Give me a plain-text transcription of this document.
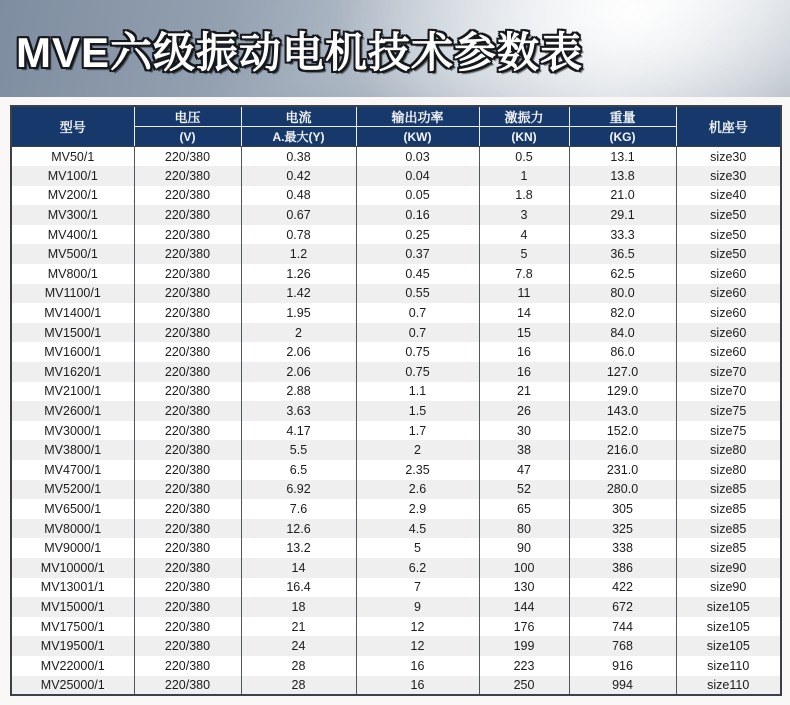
MVE六级振动电机技术参数表
型号	电压	电流	输出功率	激振力	重量	机座号
	(V)	A.最大(Y)	(KW)	(KN)	(KG)	
MV50/1	220/380	0.38	0.03	0.5	13.1	size30
MV100/1	220/380	0.42	0.04	1	13.8	size30
MV200/1	220/380	0.48	0.05	1.8	21.0	size40
MV300/1	220/380	0.67	0.16	3	29.1	size50
MV400/1	220/380	0.78	0.25	4	33.3	size50
MV500/1	220/380	1.2	0.37	5	36.5	size50
MV800/1	220/380	1.26	0.45	7.8	62.5	size60
MV1100/1	220/380	1.42	0.55	11	80.0	size60
MV1400/1	220/380	1.95	0.7	14	82.0	size60
MV1500/1	220/380	2	0.7	15	84.0	size60
MV1600/1	220/380	2.06	0.75	16	86.0	size60
MV1620/1	220/380	2.06	0.75	16	127.0	size70
MV2100/1	220/380	2.88	1.1	21	129.0	size70
MV2600/1	220/380	3.63	1.5	26	143.0	size75
MV3000/1	220/380	4.17	1.7	30	152.0	size75
MV3800/1	220/380	5.5	2	38	216.0	size80
MV4700/1	220/380	6.5	2.35	47	231.0	size80
MV5200/1	220/380	6.92	2.6	52	280.0	size85
MV6500/1	220/380	7.6	2.9	65	305	size85
MV8000/1	220/380	12.6	4.5	80	325	size85
MV9000/1	220/380	13.2	5	90	338	size85
MV10000/1	220/380	14	6.2	100	386	size90
MV13001/1	220/380	16.4	7	130	422	size90
MV15000/1	220/380	18	9	144	672	size105
MV17500/1	220/380	21	12	176	744	size105
MV19500/1	220/380	24	12	199	768	size105
MV22000/1	220/380	28	16	223	916	size110
MV25000/1	220/380	28	16	250	994	size110
